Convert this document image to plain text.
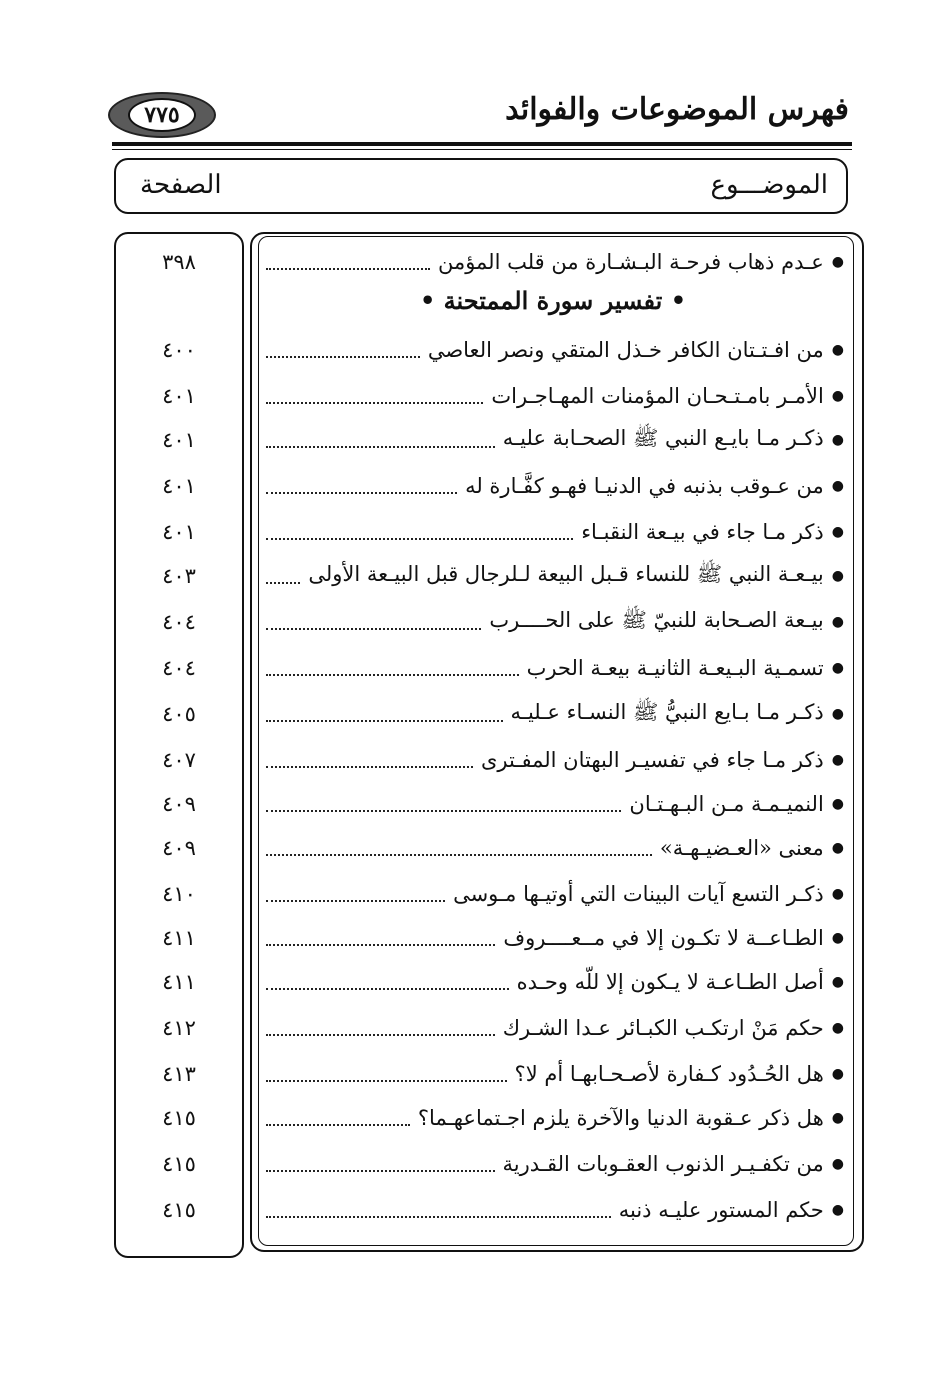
فهرس الموضوعات والفوائد
٧٧٥
الموضـــوع
الصفحة
• تفسير سورة الممتحنة •
عـدم ذهاب فرحـة البـشـارة من قلب المؤمن ●
٣٩٨
من افـتـتان الكافر خـذل المتقي ونصر العاصي ●
٤٠٠
الأمـر بامـتـحـان المؤمنات المهـاجـرات ●
٤٠١
ذكـر مـا بايـع النبي ﷺ الصحـابة عليـه ●
٤٠١
من عـوقب بذنبه في الدنيـا فهـو كفَّـارة له ●
٤٠١
ذكر مـا جاء في بيـعة النقبـاء ●
٤٠١
بيـعـة النبي ﷺ للنساء قـبل البيعة لـلرجال قبل البيـعة الأولى ●
٤٠٣
بيـعة الصـحابة للنبيّ ﷺ على الحــــرب ●
٤٠٤
تسمـية البـيعـة الثانيـة بيعـة الحرب ●
٤٠٤
ذكـر مـا بـايع النبيُّ ﷺ النسـاء عـليـه ●
٤٠٥
ذكر مـا جاء في تفسيـر البهتان المفـترى ●
٤٠٧
النميـمـة مـن البـهـتـان ●
٤٠٩
معنى «العـضيـهـة» ●
٤٠٩
ذكـر التسع آيات البينات التي أوتيـها مـوسى ●
٤١٠
الطـاعــة لا تكـون إلا في مــعــــروف ●
٤١١
أصل الطـاعـة لا يـكون إلا للّه وحـده ●
٤١١
حكم مَنْ ارتكـب الكبـائر عـدا الشـرك ●
٤١٢
هل الحُـدُود كـفارة لأصـحـابهـا أم لا؟ ●
٤١٣
هل ذكر عـقوبة الدنيا والآخرة يلزم اجـتماعهـما؟ ●
٤١٥
من تكفـيـر الذنوب العقـوبات القـدرية ●
٤١٥
حكم المستور عليـه ذنبه ●
٤١٥
